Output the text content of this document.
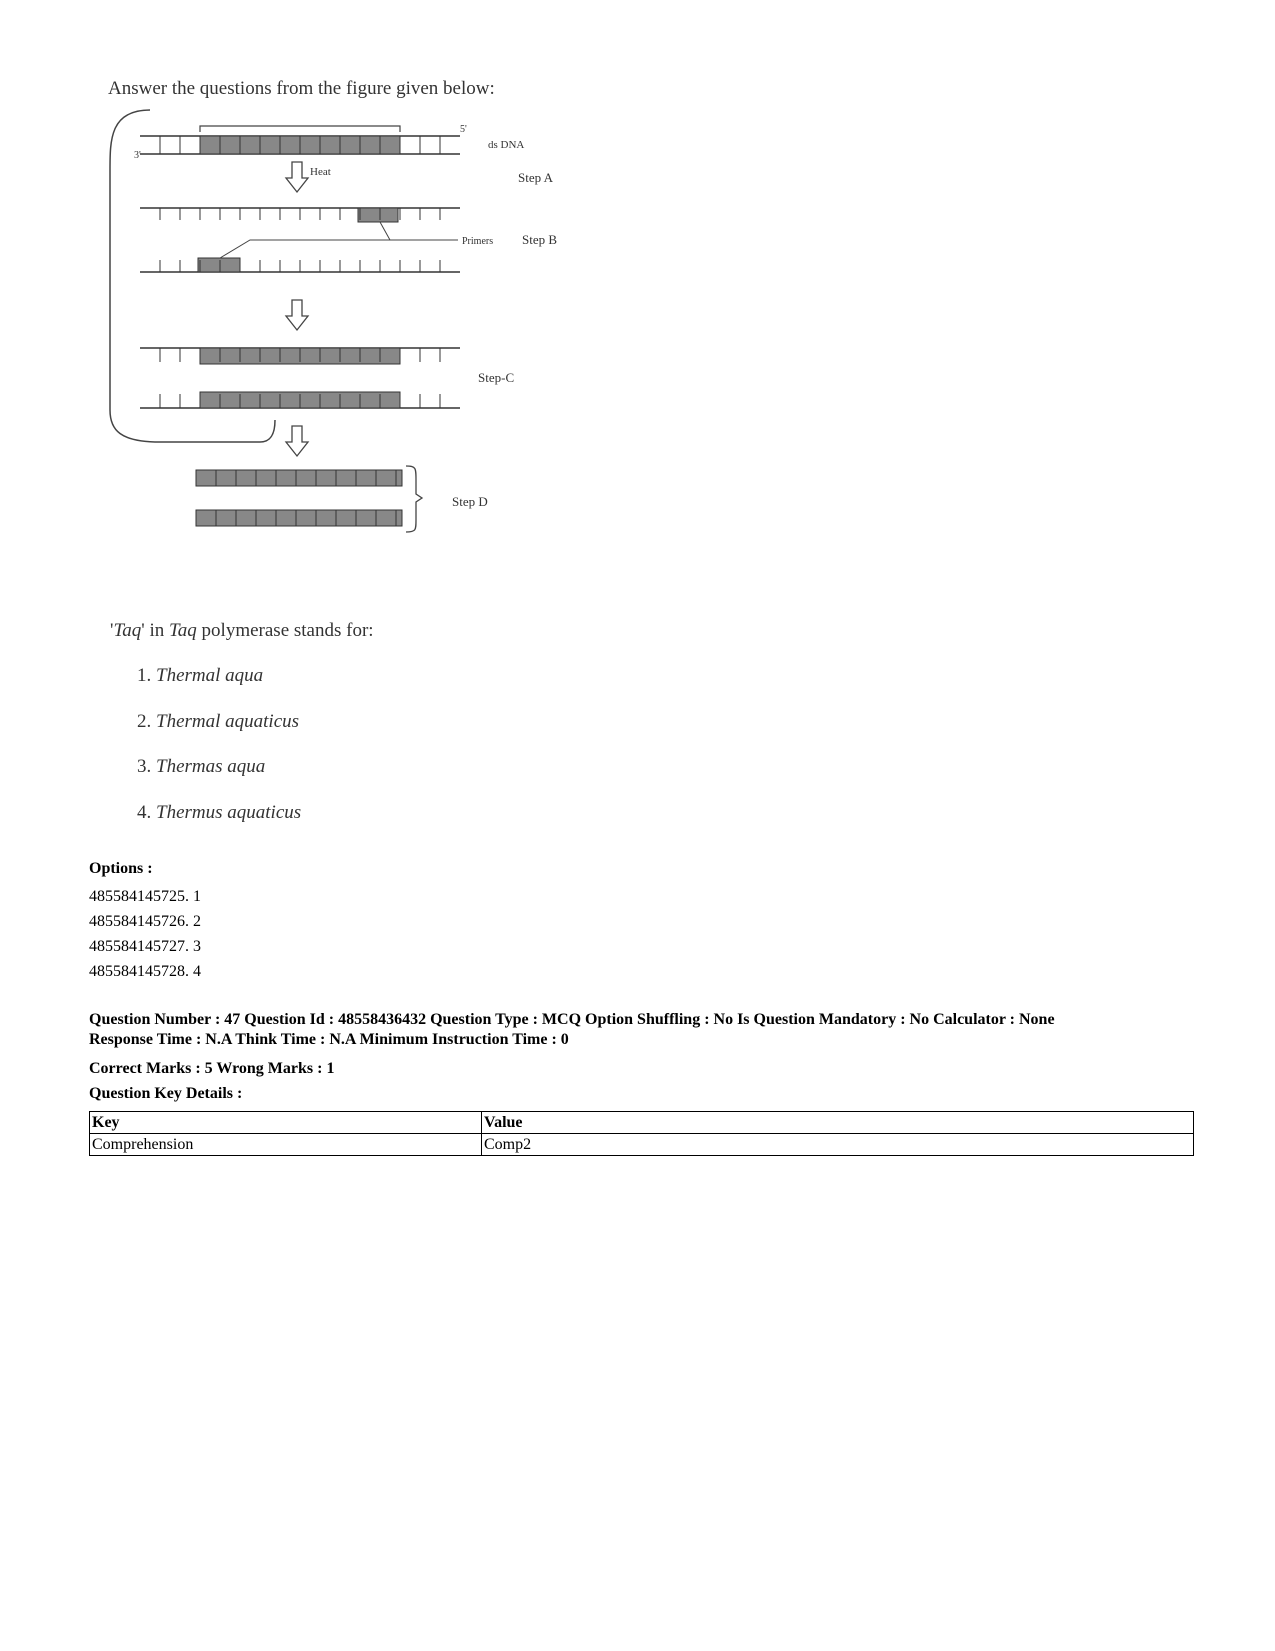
Answer the questions from the figure given below:
5'
3'
ds DNA
Heat	Step A
Primers Step B
Step-C
Step D
'Taq' in Taq polymerase stands for:
1. Thermal aqua
2. Thermal aquaticus
3. Thermas aqua
4. Thermus aquaticus
Options :
485584145725. 1
485584145726. 2
485584145727. 3
485584145728. 4
Question Number : 47 Question Id : 48558436432 Question Type : MCQ Option Shuffling : No Is Question Mandatory : No Calculator : None
Response Time : N.A Think Time : N.A Minimum Instruction Time : 0
Correct Marks : 5 Wrong Marks : 1
Question Key Details :
Key	Value
Comprehension	Comp2
